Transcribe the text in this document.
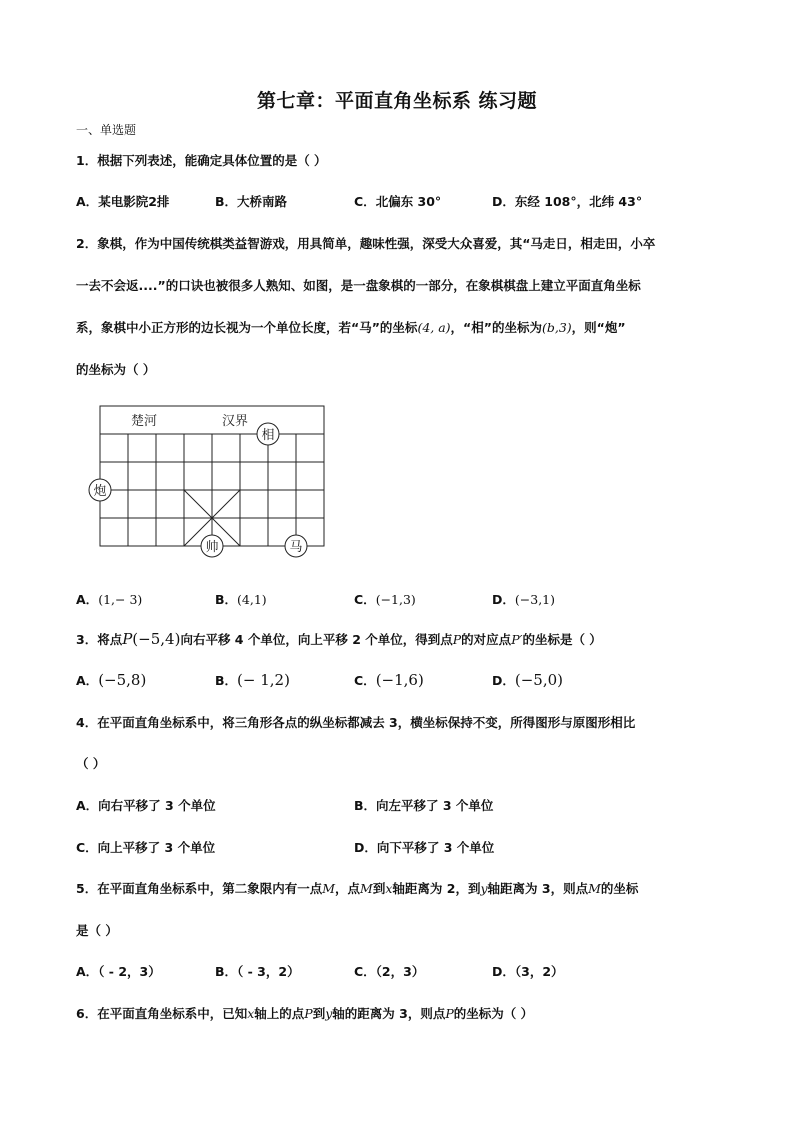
第七章：平面直角坐标系 练习题
一、单选题
1．根据下列表述，能确定具体位置的是（ ）
A．某电影院2排	B．大桥南路	C．北偏东 30°	D．东经 108°，北纬 43°
2．象棋，作为中国传统棋类益智游戏，用具简单，趣味性强，深受大众喜爱，其“马走日，相走田，小卒
一去不会返....”的口诀也被很多人熟知、如图，是一盘象棋的一部分，在象棋棋盘上建立平面直角坐标
系，象棋中小正方形的边长视为一个单位长度，若“马”的坐标(4, a)，“相”的坐标为(b,3)，则“炮”
的坐标为（ ）
楚河	汉界
相
炮
帅	马
A．(1,− 3)	B．(4,1)	C．(−1,3)	D．(−3,1)
3．将点P(−5,4)向右平移 4 个单位，向上平移 2 个单位，得到点P的对应点P′的坐标是（ ）
A．(−5,8)	B．(− 1,2)	C．(−1,6)	D．(−5,0)
4．在平面直角坐标系中，将三角形各点的纵坐标都减去 3，横坐标保持不变，所得图形与原图形相比
（ ）
A．向右平移了 3 个单位	B．向左平移了 3 个单位
C．向上平移了 3 个单位	D．向下平移了 3 个单位
5．在平面直角坐标系中，第二象限内有一点M，点M到x轴距离为 2，到y轴距离为 3，则点M的坐标
是（ ）
A．（ - 2，3）	B．（ - 3，2）	C．（2，3）	D．（3，2）
6．在平面直角坐标系中，已知x轴上的点P到y轴的距离为 3，则点P的坐标为（ ）
